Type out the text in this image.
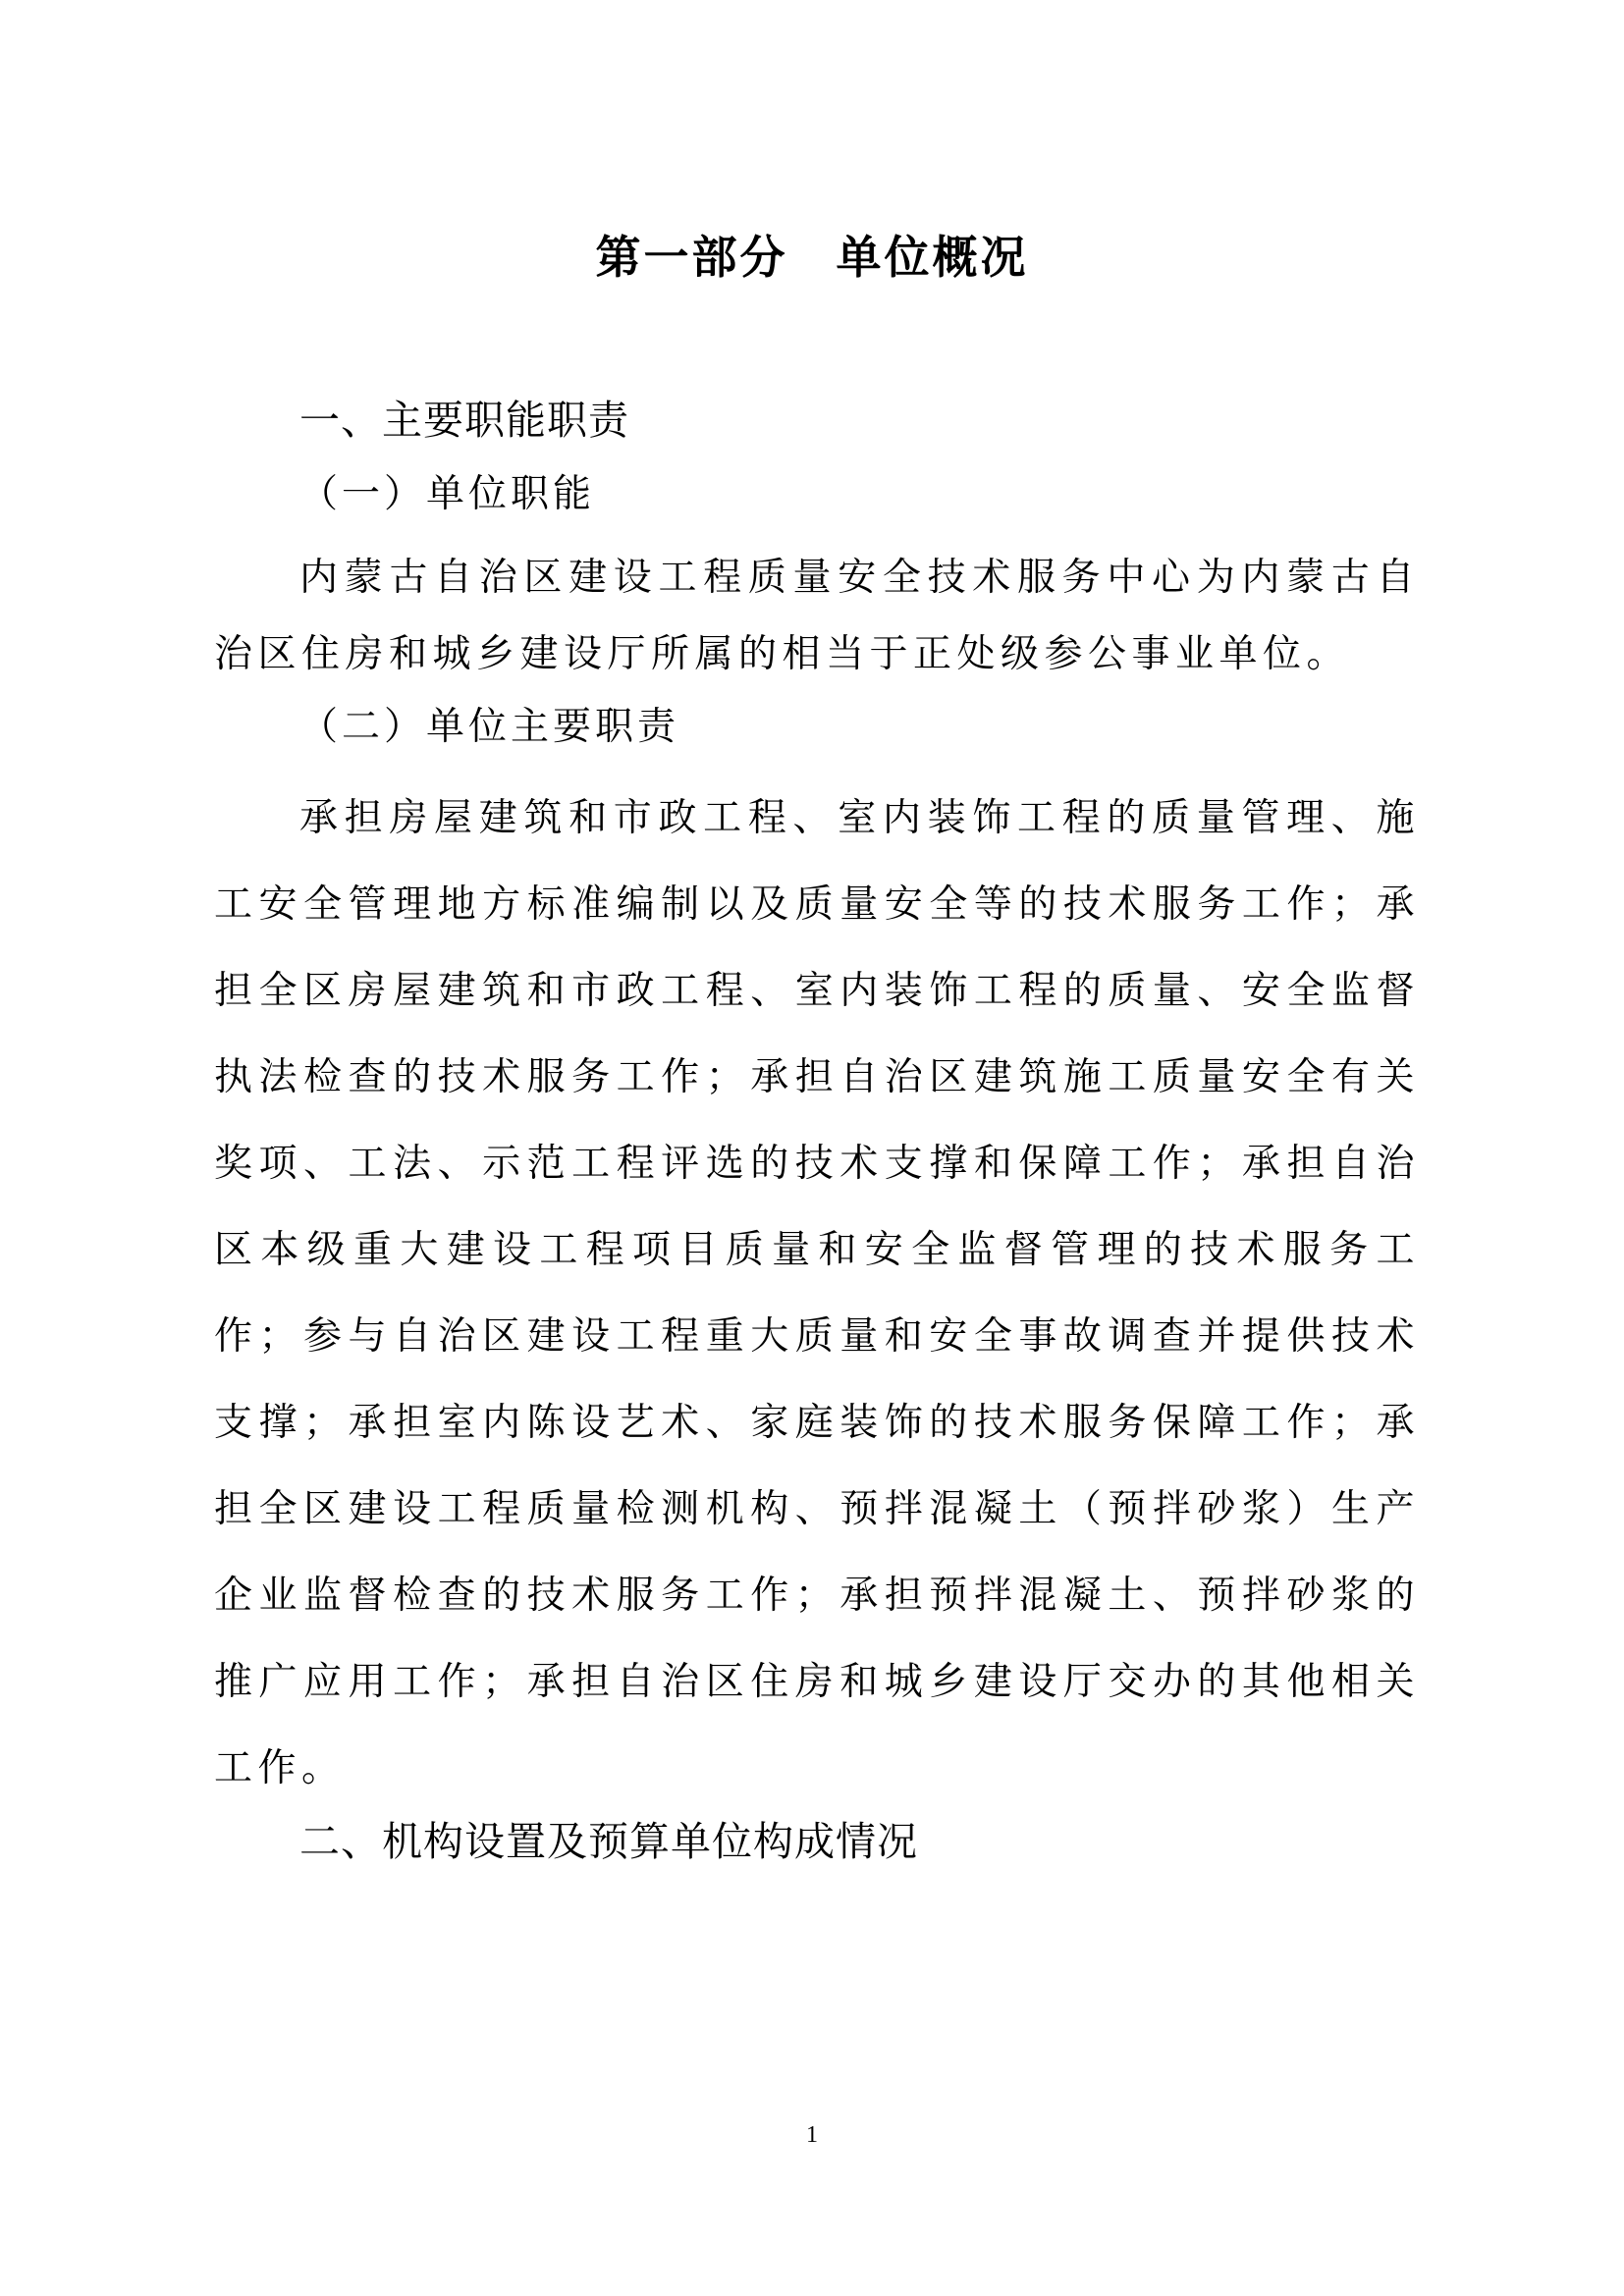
第一部分　单位概况
一、主要职能职责
（一）单位职能

内蒙古自治区建设工程质量安全技术服务中心为内蒙古自治区住房和城乡建设厅所属的相当于正处级参公事业单位。

（二）单位主要职责

承担房屋建筑和市政工程、室内装饰工程的质量管理、施工安全管理地方标准编制以及质量安全等的技术服务工作；承担全区房屋建筑和市政工程、室内装饰工程的质量、安全监督执法检查的技术服务工作；承担自治区建筑施工质量安全有关奖项、工法、示范工程评选的技术支撑和保障工作；承担自治区本级重大建设工程项目质量和安全监督管理的技术服务工作；参与自治区建设工程重大质量和安全事故调查并提供技术支撑；承担室内陈设艺术、家庭装饰的技术服务保障工作；承担全区建设工程质量检测机构、预拌混凝土（预拌砂浆）生产企业监督检查的技术服务工作；承担预拌混凝土、预拌砂浆的推广应用工作；承担自治区住房和城乡建设厅交办的其他相关工作。

二、机构设置及预算单位构成情况
1
